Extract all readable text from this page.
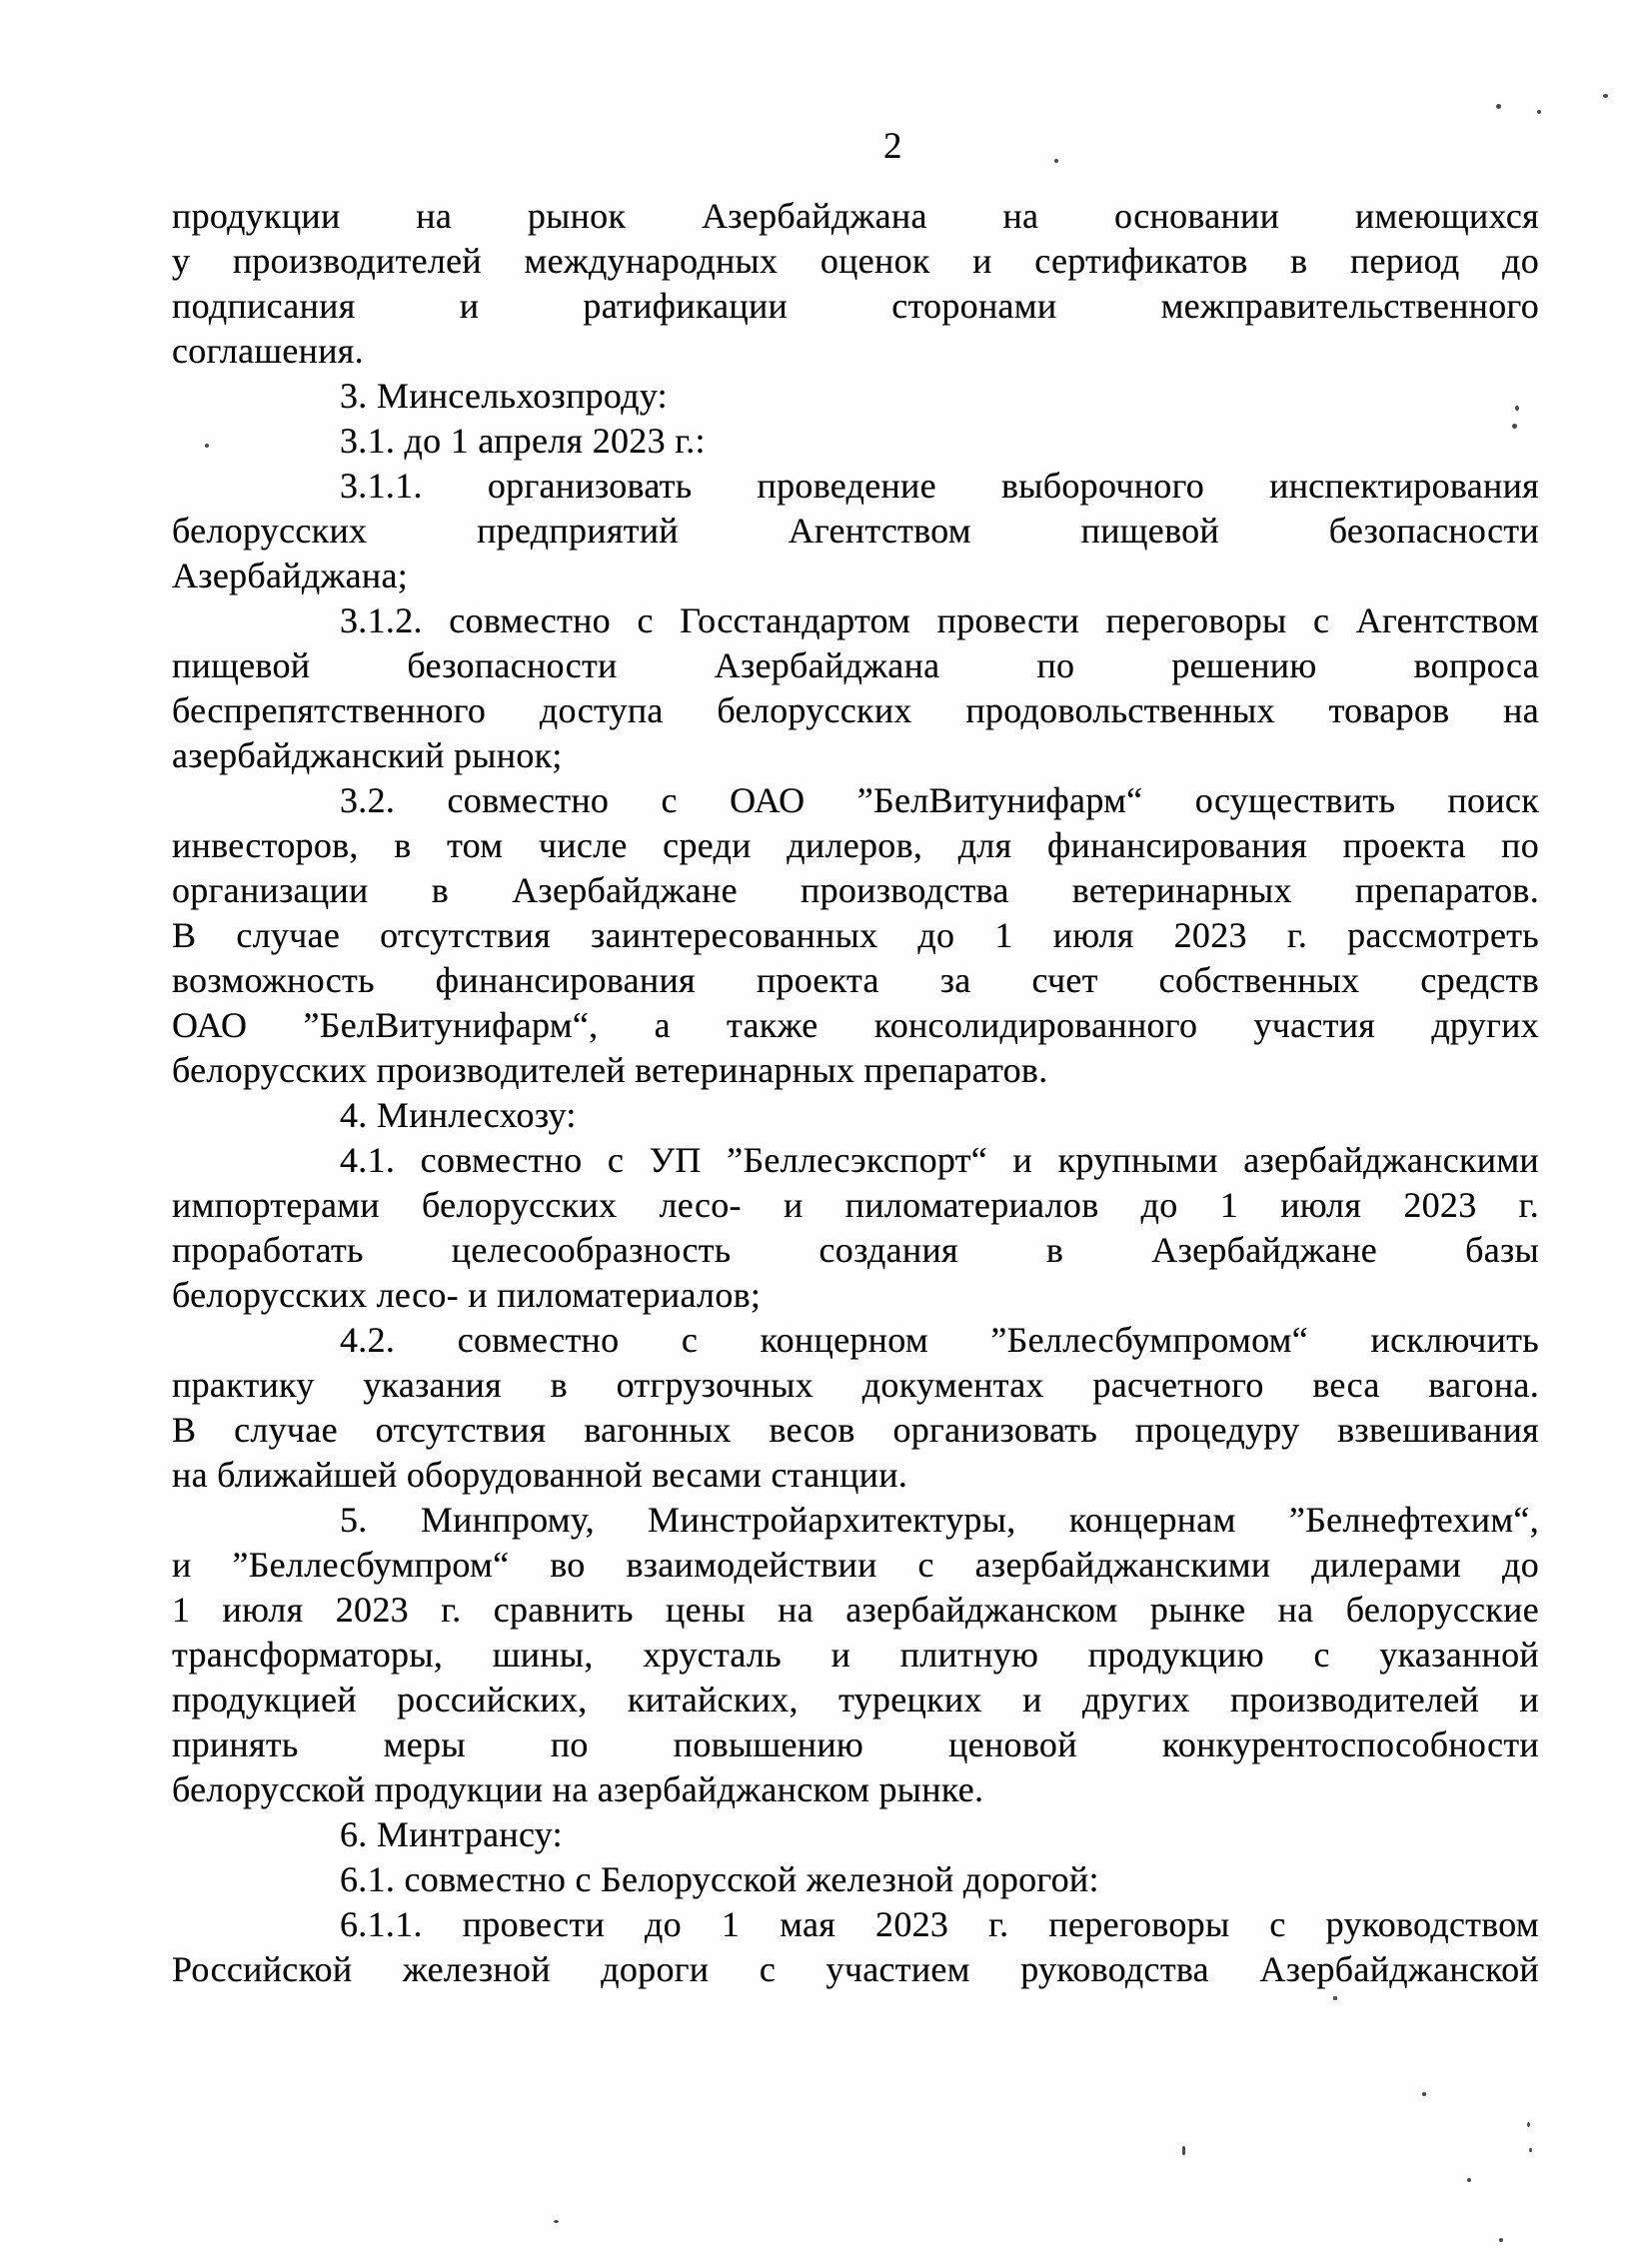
2
продукции на рынок Азербайджана на основании имеющихся
у производителей международных оценок и сертификатов в период до
подписания и ратификации сторонами межправительственного
соглашения.
3. Минсельхозпроду:
3.1. до 1 апреля 2023 г.:
3.1.1. организовать проведение выборочного инспектирования
белорусских предприятий Агентством пищевой безопасности
Азербайджана;
3.1.2. совместно с Госстандартом провести переговоры с Агентством
пищевой безопасности Азербайджана по решению вопроса
беспрепятственного доступа белорусских продовольственных товаров на
азербайджанский рынок;
3.2. совместно с ОАО ”БелВитунифарм“ осуществить поиск
инвесторов, в том числе среди дилеров, для финансирования проекта по
организации в Азербайджане производства ветеринарных препаратов.
В случае отсутствия заинтересованных до 1 июля 2023 г. рассмотреть
возможность финансирования проекта за счет собственных средств
ОАО ”БелВитунифарм“, а также консолидированного участия других
белорусских производителей ветеринарных препаратов.
4. Минлесхозу:
4.1. совместно с УП ”Беллесэкспорт“ и крупными азербайджанскими
импортерами белорусских лесо- и пиломатериалов до 1 июля 2023 г.
проработать целесообразность создания в Азербайджане базы
белорусских лесо- и пиломатериалов;
4.2. совместно с концерном ”Беллесбумпромом“ исключить
практику указания в отгрузочных документах расчетного веса вагона.
В случае отсутствия вагонных весов организовать процедуру взвешивания
на ближайшей оборудованной весами станции.
5. Минпрому, Минстройархитектуры, концернам ”Белнефтехим“,
и ”Беллесбумпром“ во взаимодействии с азербайджанскими дилерами до
1 июля 2023 г. сравнить цены на азербайджанском рынке на белорусские
трансформаторы, шины, хрусталь и плитную продукцию с указанной
продукцией российских, китайских, турецких и других производителей и
принять меры по повышению ценовой конкурентоспособности
белорусской продукции на азербайджанском рынке.
6. Минтрансу:
6.1. совместно с Белорусской железной дорогой:
6.1.1. провести до 1 мая 2023 г. переговоры с руководством
Российской железной дороги с участием руководства Азербайджанской
